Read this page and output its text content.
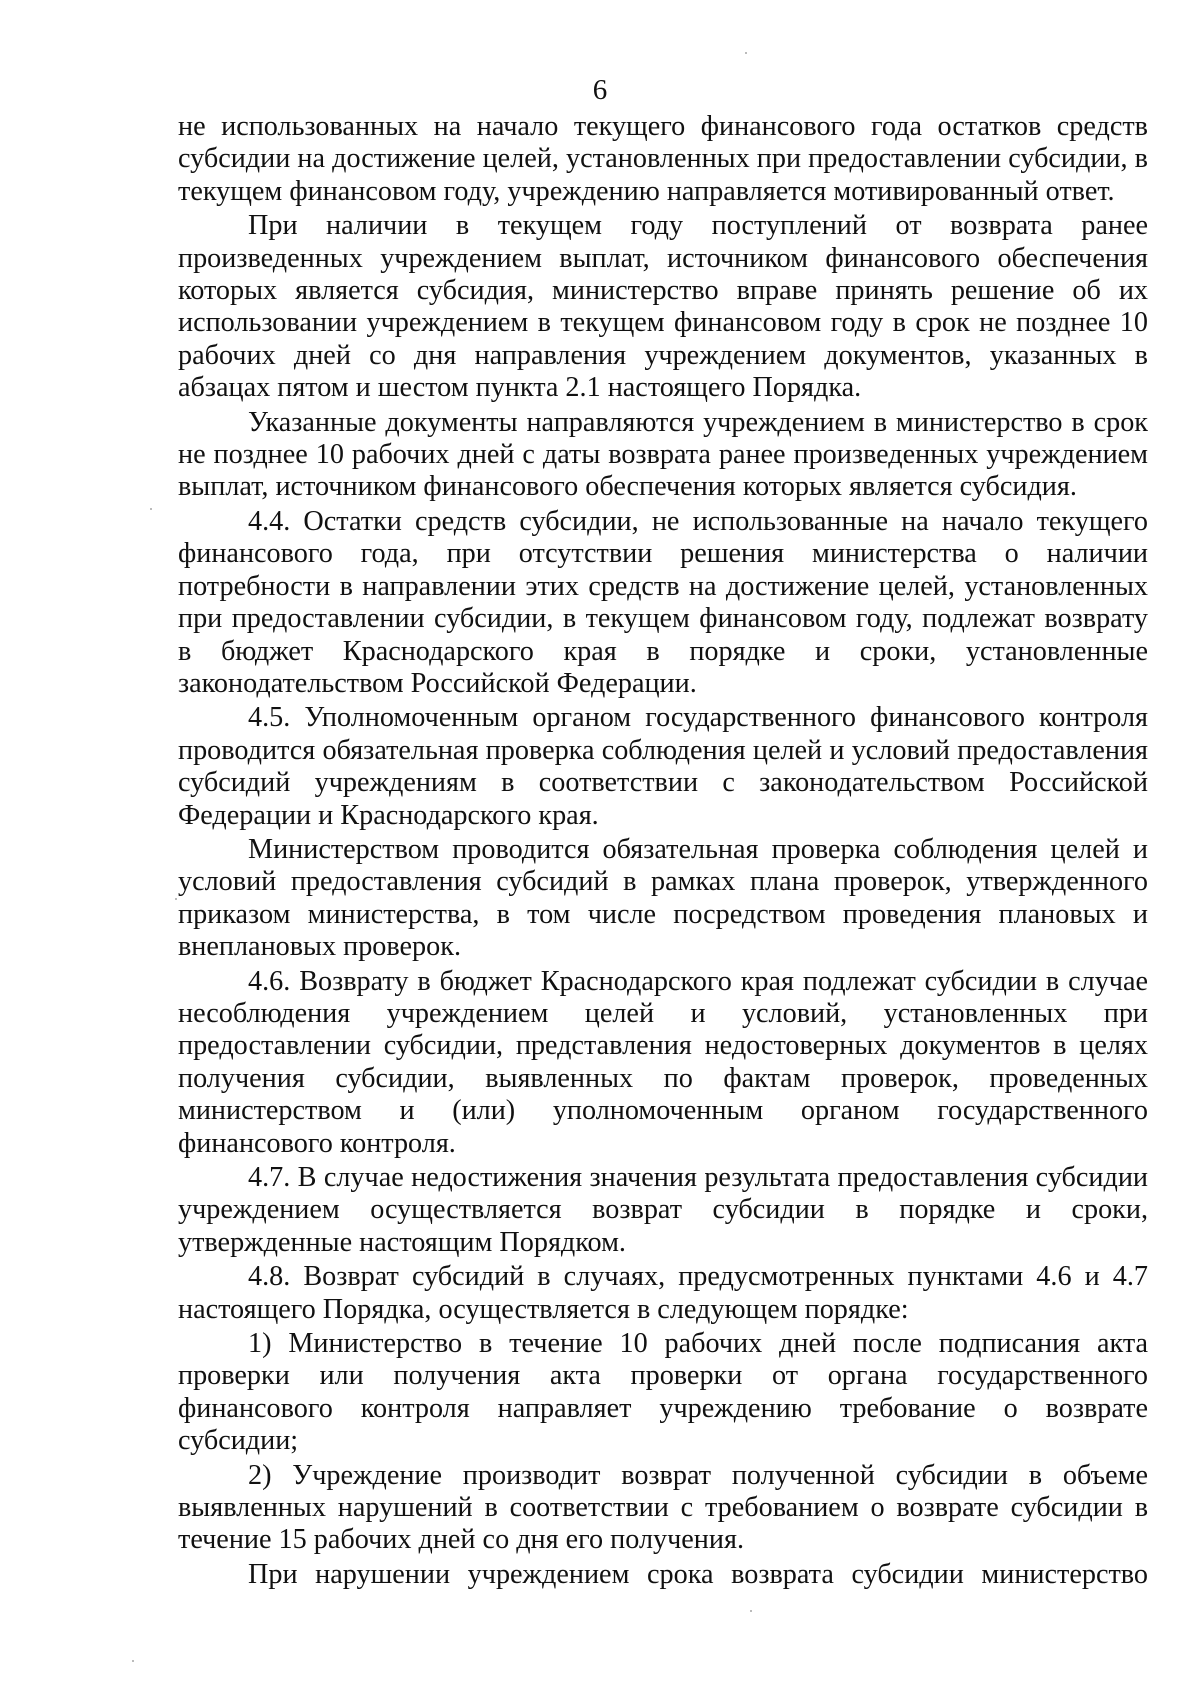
6

не использованных на начало текущего финансового года остатков средств субсидии на достижение целей, установленных при предоставлении субсидии, в текущем финансовом году, учреждению направляется мотивированный ответ.

При наличии в текущем году поступлений от возврата ранее произведенных учреждением выплат, источником финансового обеспечения которых является субсидия, министерство вправе принять решение об их использовании учреждением в текущем финансовом году в срок не позднее 10 рабочих дней со дня направления учреждением документов, указанных в абзацах пятом и шестом пункта 2.1 настоящего Порядка.

Указанные документы направляются учреждением в министерство в срок не позднее 10 рабочих дней с даты возврата ранее произведенных учреждением выплат, источником финансового обеспечения которых является субсидия.

4.4. Остатки средств субсидии, не использованные на начало текущего финансового года, при отсутствии решения министерства о наличии потребности в направлении этих средств на достижение целей, установленных при предоставлении субсидии, в текущем финансовом году, подлежат возврату в бюджет Краснодарского края в порядке и сроки, установленные законодательством Российской Федерации.

4.5. Уполномоченным органом государственного финансового контроля проводится обязательная проверка соблюдения целей и условий предоставления субсидий учреждениям в соответствии с законодательством Российской Федерации и Краснодарского края.

Министерством проводится обязательная проверка соблюдения целей и условий предоставления субсидий в рамках плана проверок, утвержденного приказом министерства, в том числе посредством проведения плановых и внеплановых проверок.

4.6. Возврату в бюджет Краснодарского края подлежат субсидии в случае несоблюдения учреждением целей и условий, установленных при предоставлении субсидии, представления недостоверных документов в целях получения субсидии, выявленных по фактам проверок, проведенных министерством и (или) уполномоченным органом государственного финансового контроля.

4.7. В случае недостижения значения результата предоставления субсидии учреждением осуществляется возврат субсидии в порядке и сроки, утвержденные настоящим Порядком.

4.8. Возврат субсидий в случаях, предусмотренных пунктами 4.6 и 4.7 настоящего Порядка, осуществляется в следующем порядке:

1) Министерство в течение 10 рабочих дней после подписания акта проверки или получения акта проверки от органа государственного финансового контроля направляет учреждению требование о возврате субсидии;

2) Учреждение производит возврат полученной субсидии в объеме выявленных нарушений в соответствии с требованием о возврате субсидии в течение 15 рабочих дней со дня его получения.

При нарушении учреждением срока возврата субсидии министерство
